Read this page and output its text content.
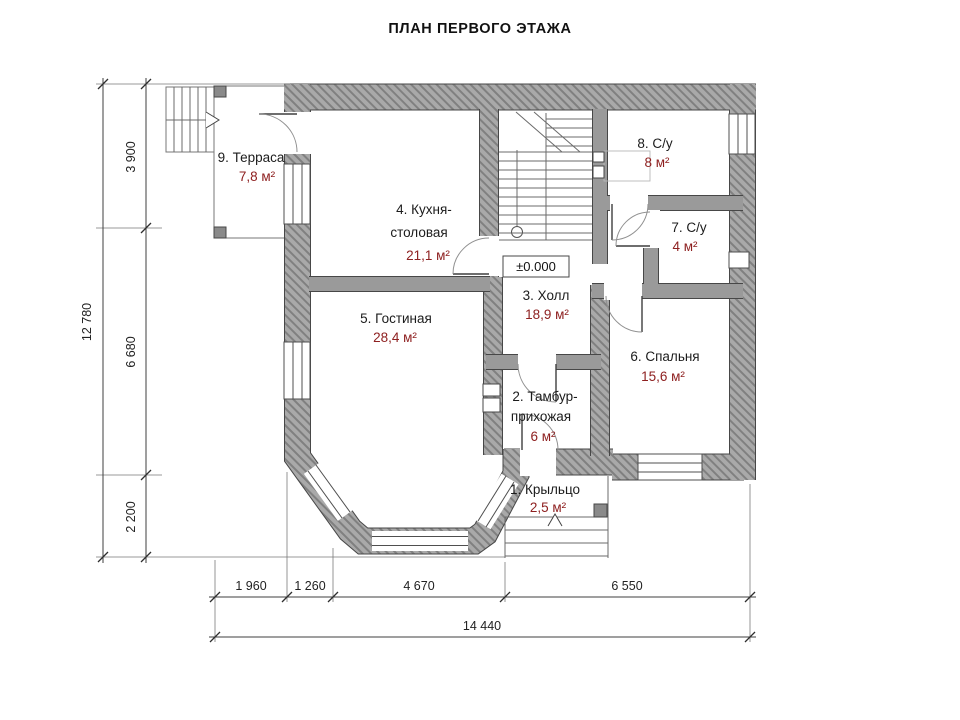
12 780
3 900
6 680
2 200
1 960 1 260	4 670	6 550
14 440
±0.000
1. Крыльцо
2,5 м²
2. Тамбур-
прихожая
6 м²
3. Холл
18,9 м²
4. Кухня-
столовая
21,1 м²
5. Гостиная
28,4 м²
6. Спальня
15,6 м²
7. С/у
4 м²
8. С/у
8 м²
9. Терраса
7,8 м²
ПЛАН ПЕРВОГО ЭТАЖА
